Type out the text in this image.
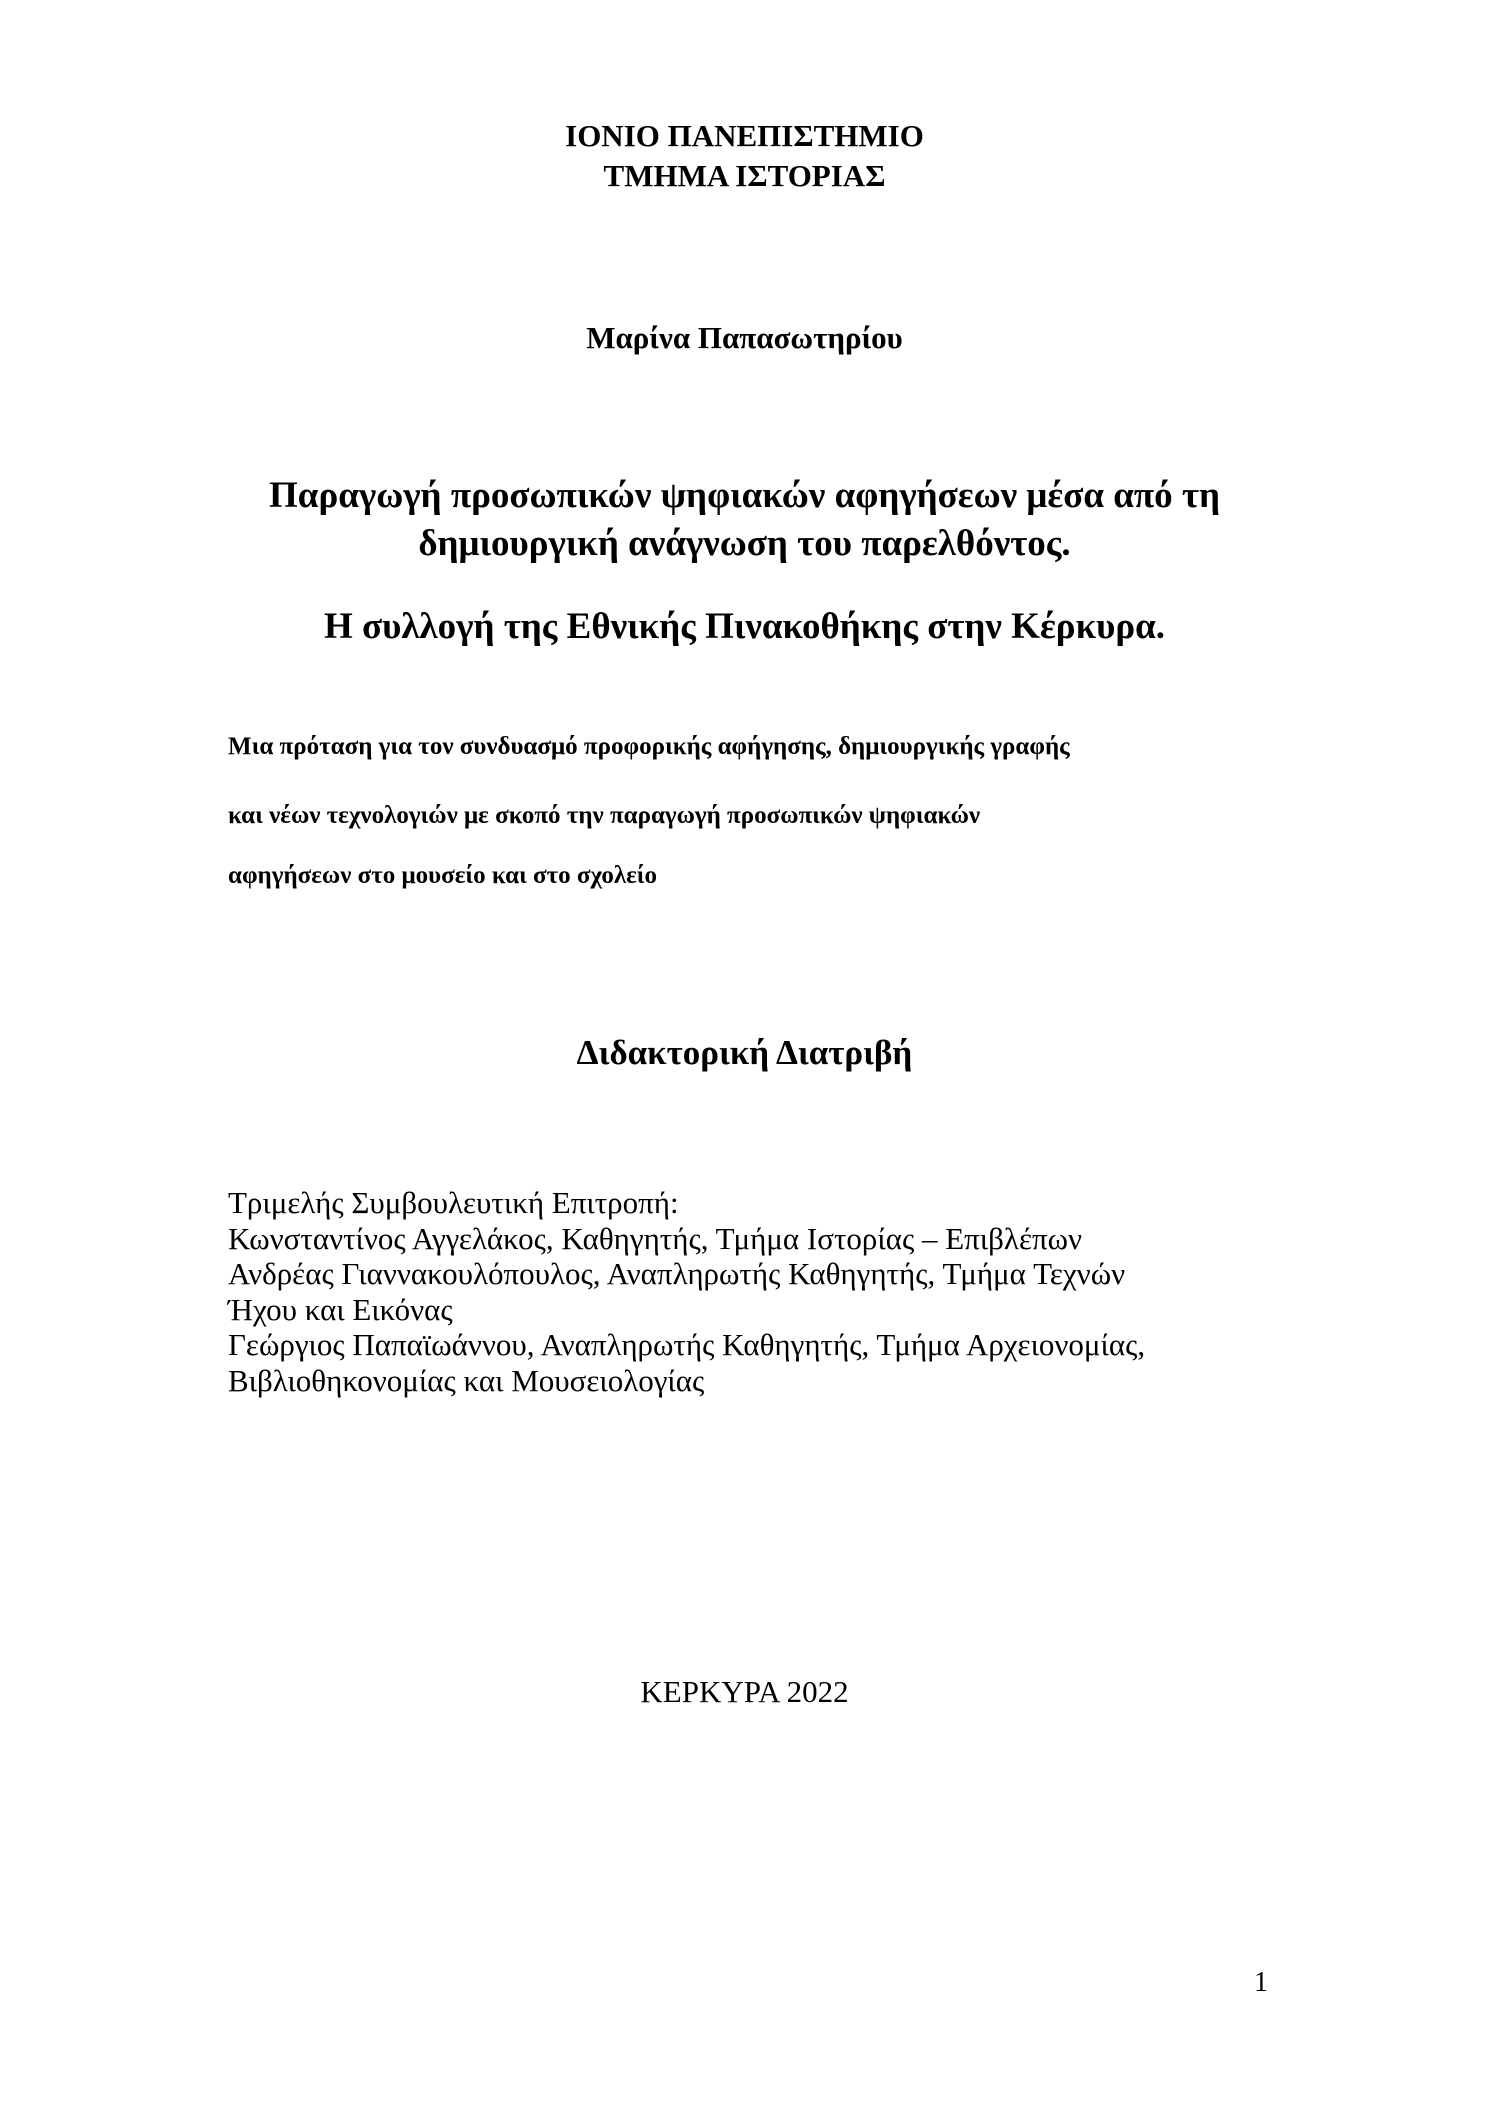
ΙΟΝΙΟ ΠΑΝΕΠΙΣΤΗΜΙΟ
ΤΜΗΜΑ ΙΣΤΟΡΙΑΣ
Μαρίνα Παπασωτηρίου
Παραγωγή προσωπικών ψηφιακών αφηγήσεων μέσα από τη
δημιουργική ανάγνωση του παρελθόντος.
Η συλλογή της Εθνικής Πινακοθήκης στην Κέρκυρα.
Μια πρόταση για τον συνδυασμό προφορικής αφήγησης, δημιουργικής γραφής
και νέων τεχνολογιών με σκοπό την παραγωγή προσωπικών ψηφιακών
αφηγήσεων στο μουσείο και στο σχολείο
Διδακτορική Διατριβή
Τριμελής Συμβουλευτική Επιτροπή:
Κωνσταντίνος Αγγελάκος, Καθηγητής, Τμήμα Ιστορίας – Επιβλέπων
Ανδρέας Γιαννακουλόπουλος, Αναπληρωτής Καθηγητής, Τμήμα Τεχνών
Ήχου και Εικόνας
Γεώργιος Παπαϊωάννου, Αναπληρωτής Καθηγητής, Τμήμα Αρχειονομίας,
Βιβλιοθηκονομίας και Μουσειολογίας
ΚΕΡΚΥΡΑ 2022
1
